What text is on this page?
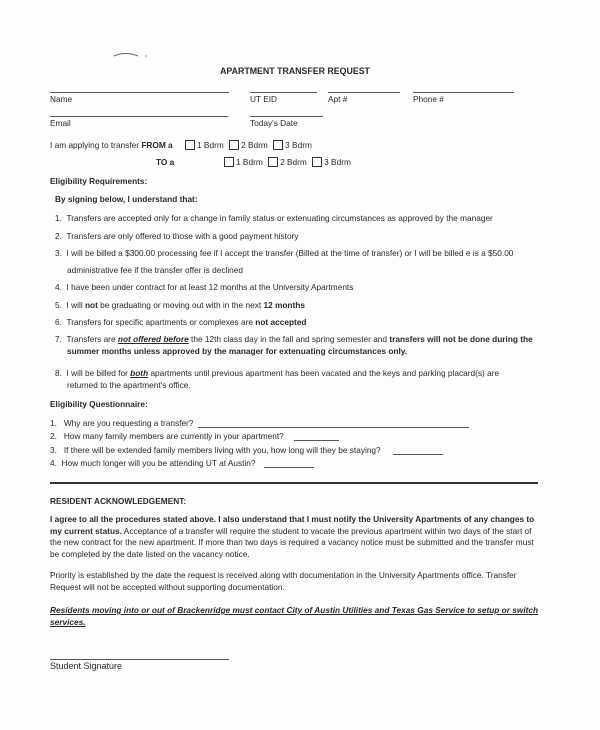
APARTMENT TRANSFER REQUEST
Name	UT EID	Apt #	Phone #
Email	Today's Date
I am applying to transfer FROM a	1 Bdrm 2 Bdrm 3 Bdrm
TO a	1 Bdrm 2 Bdrm 3 Bdrm
Eligibility Requirements:
By signing below, I understand that:
1.  Transfers are accepted only for a change in family status or extenuating circumstances as approved by the manager
2.  Transfers are only offered to those with a good payment history
3.  I will be billed a $300.00 processing fee if I accept the transfer (Billed at the time of transfer) or I will be billed e is a $50.00
administrative fee if the transfer offer is declined
4.  I have been under contract for at least 12 months at the University Apartments
5.  I will not be graduating or moving out with in the next 12 months
6.  Transfers for specific apartments or complexes are not accepted
7.  Transfers are not offered before the 12th class day in the fall and spring semester and transfers will not be done during the
summer months unless approved by the manager for extenuating circumstances only.
8.  I will be billed for both apartments until previous apartment has been vacated and the keys and parking placard(s) are
returned to the apartment's office.
Eligibility Questionnaire:
1.   Why are you requesting a transfer?
2.   How many family members are currently in your apartment?
3.   If there will be extended family members living with you, how long will they be staying?
4.  How much longer will you be attending UT at Austin?
RESIDENT ACKNOWLEDGEMENT:
I agree to all the procedures stated above. I also understand that I must notify the University Apartments of any changes to my current status. Acceptance of a transfer will require the student to vacate the previous apartment within two days of the start of the new contract for the new apartment. If more than two days is required a vacancy notice must be submitted and the transfer must be completed by the date listed on the vacancy notice.
Priority is established by the date the request is received along with documentation in the University Apartments office. Transfer Request will not be accepted without supporting documentation.
Residents moving into or out of Brackenridge must contact City of Austin Utilities and Texas Gas Service to setup or switch services.
Student Signature
